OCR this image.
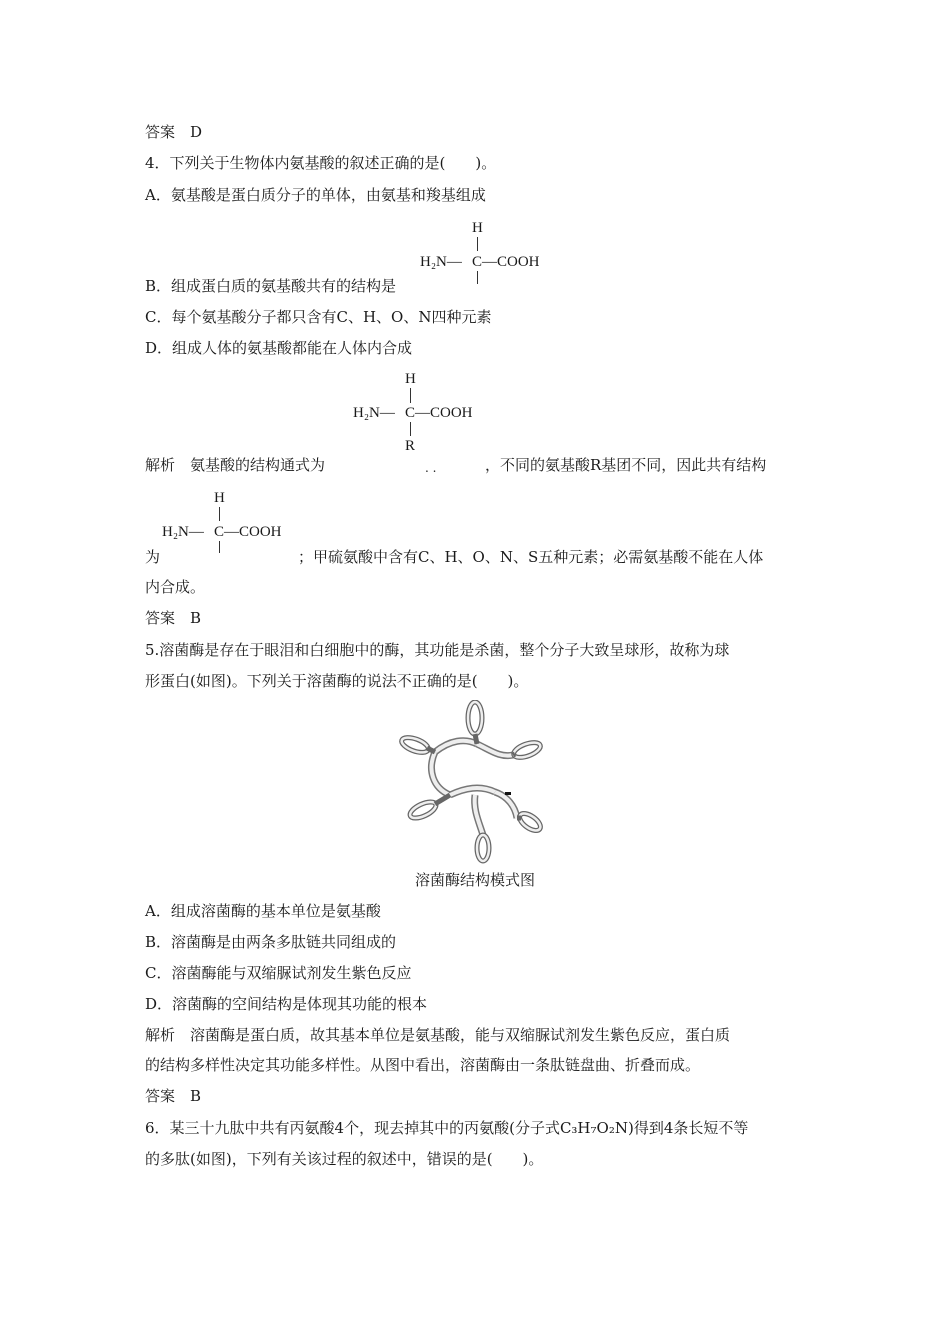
答案　D
4．下列关于生物体内氨基酸的叙述正确的是(　　)。
A．氨基酸是蛋白质分子的单体，由氨基和羧基组成
H
H₂N— C —COOH
B．组成蛋白质的氨基酸共有的结构是
C．每个氨基酸分子都只含有C、H、O、N四种元素
D．组成人体的氨基酸都能在人体内合成
H
H₂N— C —COOH
R
解析　氨基酸的结构通式为	. .	，不同的氨基酸R基团不同，因此共有结构
H
H₂N— C —COOH
为	；甲硫氨酸中含有C、H、O、N、S五种元素；必需氨基酸不能在人体
内合成。
答案　B
5.溶菌酶是存在于眼泪和白细胞中的酶，其功能是杀菌，整个分子大致呈球形，故称为球
形蛋白(如图)。下列关于溶菌酶的说法不正确的是(　　)。
溶菌酶结构模式图
A．组成溶菌酶的基本单位是氨基酸
B．溶菌酶是由两条多肽链共同组成的
C．溶菌酶能与双缩脲试剂发生紫色反应
D．溶菌酶的空间结构是体现其功能的根本
解析　溶菌酶是蛋白质，故其基本单位是氨基酸，能与双缩脲试剂发生紫色反应，蛋白质
的结构多样性决定其功能多样性。从图中看出，溶菌酶由一条肽链盘曲、折叠而成。
答案　B
6．某三十九肽中共有丙氨酸4个，现去掉其中的丙氨酸(分子式C₃H₇O₂N)得到4条长短不等
的多肽(如图)，下列有关该过程的叙述中，错误的是(　　)。
